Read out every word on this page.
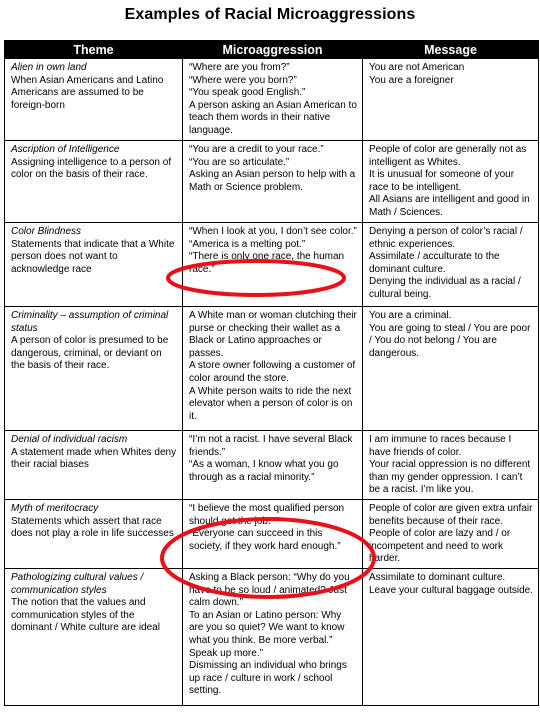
Examples of Racial Microaggressions
Theme	Microaggression	Message

Alien in own land
When Asian Americans and Latino Americans are assumed to be foreign-born	“Where are you from?”
“Where were you born?”
“You speak good English.”
A person asking an Asian American to teach them words in their native language.	You are not American
You are a foreigner

Ascription of Intelligence
Assigning intelligence to a person of color on the basis of their race.	“You are a credit to your race.”
“You are so articulate.”
Asking an Asian person to help with a Math or Science problem.	People of color are generally not as intelligent as Whites.
It is unusual for someone of your race to be intelligent.
All Asians are intelligent and good in Math / Sciences.

Color Blindness
Statements that indicate that a White person does not want to acknowledge race	“When I look at you, I don’t see color.”
“America is a melting pot.”
“There is only one race, the human race.”	Denying a person of color’s racial / ethnic experiences.
Assimilate / acculturate to the dominant culture.
Denying the individual as a racial / cultural being.

Criminality – assumption of criminal status
A person of color is presumed to be dangerous, criminal, or deviant on the basis of their race.	A White man or woman clutching their purse or checking their wallet as a Black or Latino approaches or passes.
A store owner following a customer of color around the store.
A White person waits to ride the next elevator when a person of color is on it.	You are a criminal.
You are going to steal / You are poor / You do not belong / You are dangerous.

Denial of individual racism
A statement made when Whites deny their racial biases	“I’m not a racist. I have several Black friends.”
“As a woman, I know what you go through as a racial minority.”	I am immune to races because I have friends of color.
Your racial oppression is no different than my gender oppression. I can’t be a racist. I’m like you.

Myth of meritocracy
Statements which assert that race does not play a role in life successes	“I believe the most qualified person should get the job.”
“Everyone can succeed in this society, if they work hard enough.”	People of color are given extra unfair benefits because of their race.
People of color are lazy and / or incompetent and need to work harder.

Pathologizing cultural values / communication styles
The notion that the values and communication styles of the dominant / White culture are ideal	Asking a Black person: “Why do you have to be so loud / animated? Just calm down.”
To an Asian or Latino person: Why are you so quiet? We want to know what you think. Be more verbal.” Speak up more.”
Dismissing an individual who brings up race / culture in work / school setting.	Assimilate to dominant culture.
Leave your cultural baggage outside.
